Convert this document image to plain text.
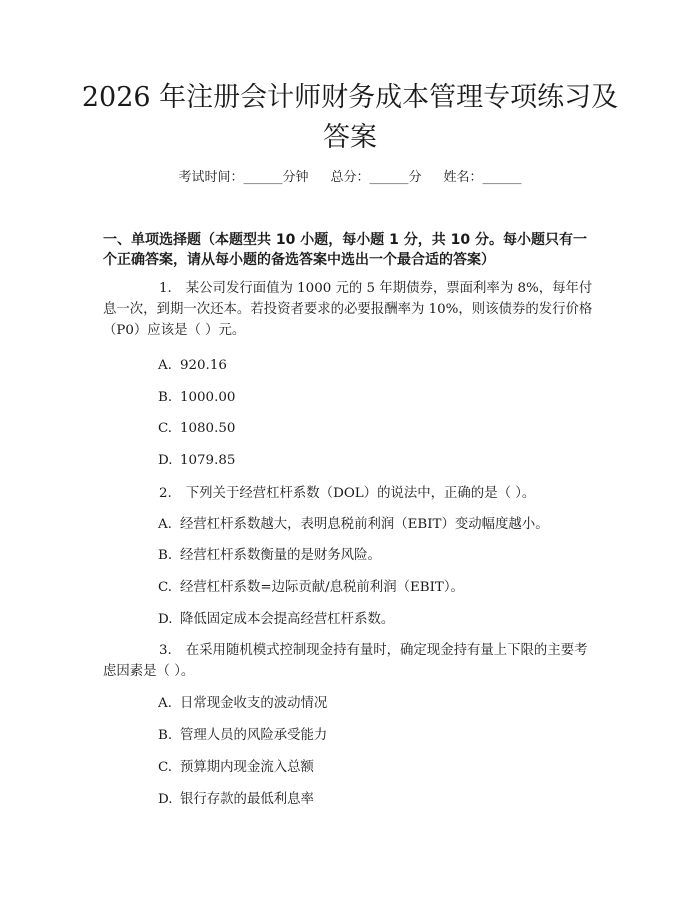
2026 年注册会计师财务成本管理专项练习及答案
考试时间：______分钟 总分：______分 姓名：______

一、单项选择题（本题型共 10 小题，每小题 1 分，共 10 分。每小题只有一个正确答案，请从每小题的备选答案中选出一个最合适的答案）

1. 某公司发行面值为 1000 元的 5 年期债券，票面利率为 8%，每年付息一次，到期一次还本。若投资者要求的必要报酬率为 10%，则该债券的发行价格（P0）应该是（ ）元。

A. 920.16
B. 1000.00
C. 1080.50
D. 1079.85

2. 下列关于经营杠杆系数（DOL）的说法中，正确的是（ ）。

A. 经营杠杆系数越大，表明息税前利润（EBIT）变动幅度越小。
B. 经营杠杆系数衡量的是财务风险。
C. 经营杠杆系数=边际贡献/息税前利润（EBIT）。
D. 降低固定成本会提高经营杠杆系数。

3. 在采用随机模式控制现金持有量时，确定现金持有量上下限的主要考虑因素是（ ）。

A. 日常现金收支的波动情况
B. 管理人员的风险承受能力
C. 预算期内现金流入总额
D. 银行存款的最低利息率
